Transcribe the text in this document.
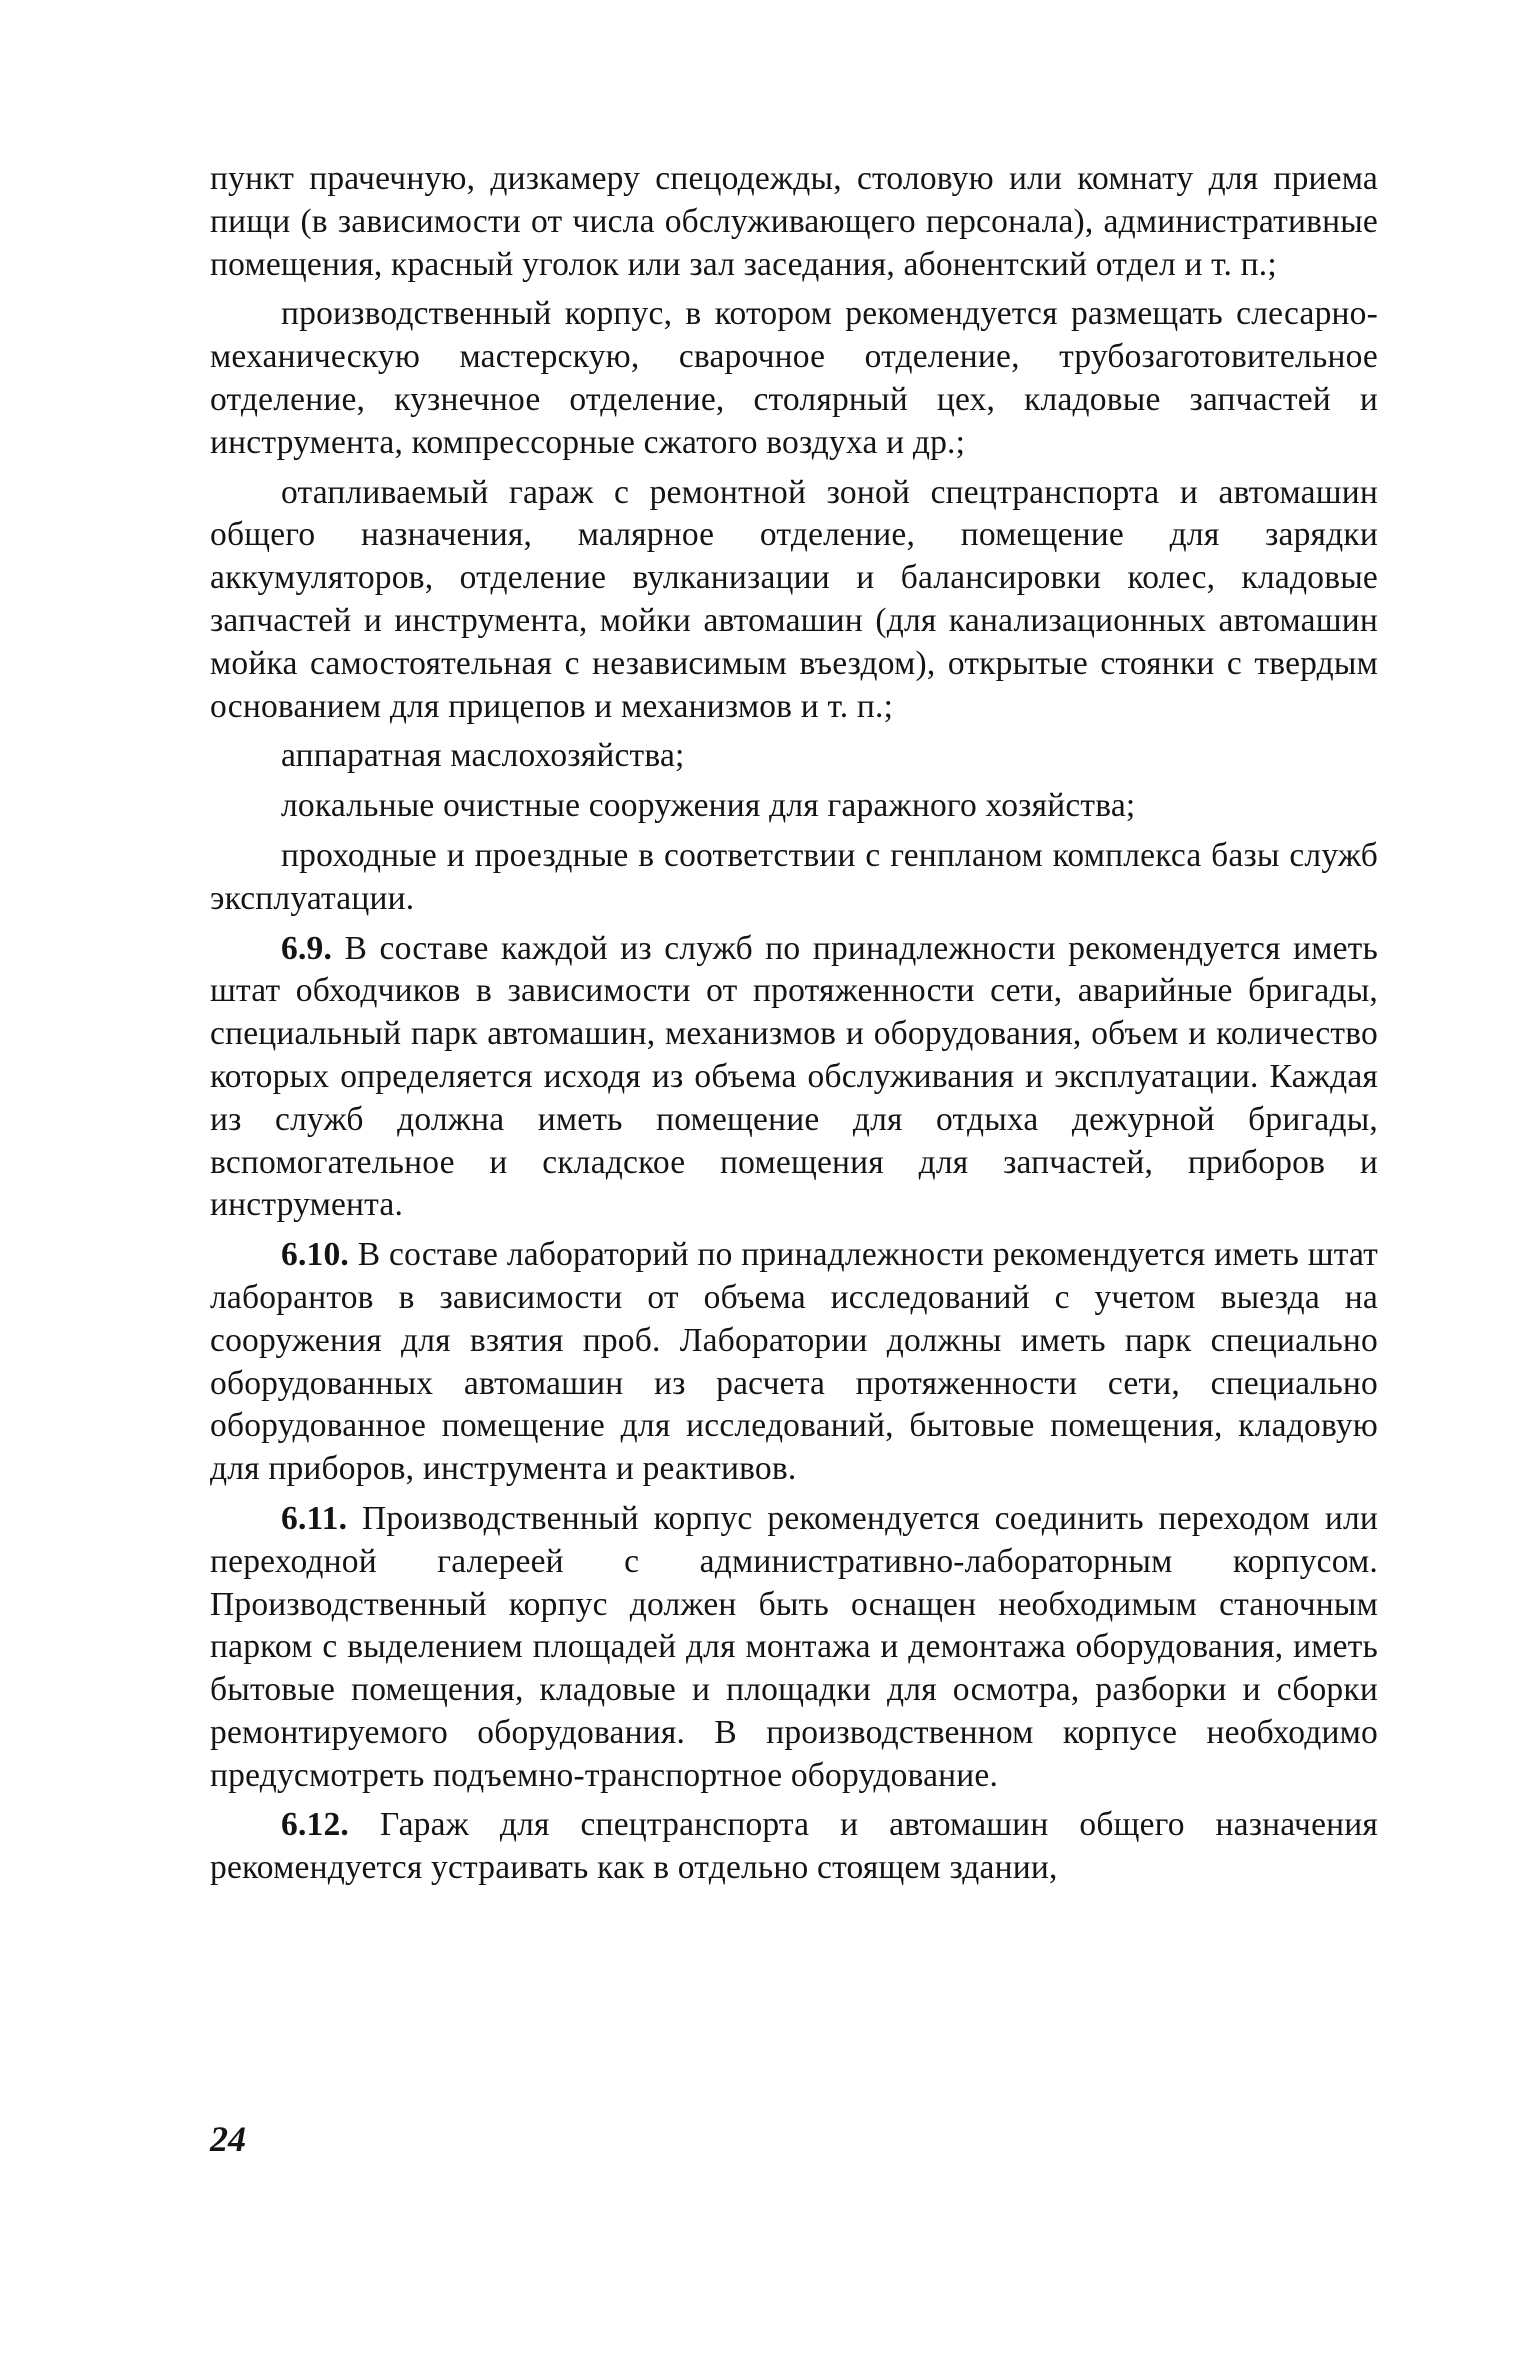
пункт прачечную, дизкамеру спецодежды, столовую или комнату для приема пищи (в зависимости от числа обслуживающего персонала), административные помещения, красный уголок или зал заседания, абонентский отдел и т. п.;

производственный корпус, в котором рекомендуется размещать слесарно-механическую мастерскую, сварочное отделение, трубозаготовительное отделение, кузнечное отделение, столярный цех, кладовые запчастей и инструмента, компрессорные сжатого воздуха и др.;

отапливаемый гараж с ремонтной зоной спецтранспорта и автомашин общего назначения, малярное отделение, помещение для зарядки аккумуляторов, отделение вулканизации и балансировки колес, кладовые запчастей и инструмента, мойки автомашин (для канализационных автомашин мойка самостоятельная с независимым въездом), открытые стоянки с твердым основанием для прицепов и механизмов и т. п.;

аппаратная маслохозяйства;

локальные очистные сооружения для гаражного хозяйства;

проходные и проездные в соответствии с генпланом комплекса базы служб эксплуатации.

6.9. В составе каждой из служб по принадлежности рекомендуется иметь штат обходчиков в зависимости от протяженности сети, аварийные бригады, специальный парк автомашин, механизмов и оборудования, объем и количество которых определяется исходя из объема обслуживания и эксплуатации. Каждая из служб должна иметь помещение для отдыха дежурной бригады, вспомогательное и складское помещения для запчастей, приборов и инструмента.

6.10. В составе лабораторий по принадлежности рекомендуется иметь штат лаборантов в зависимости от объема исследований с учетом выезда на сооружения для взятия проб. Лаборатории должны иметь парк специально оборудованных автомашин из расчета протяженности сети, специально оборудованное помещение для исследований, бытовые помещения, кладовую для приборов, инструмента и реактивов.

6.11. Производственный корпус рекомендуется соединить переходом или переходной галереей с административно-лабораторным корпусом. Производственный корпус должен быть оснащен необходимым станочным парком с выделением площадей для монтажа и демонтажа оборудования, иметь бытовые помещения, кладовые и площадки для осмотра, разборки и сборки ремонтируемого оборудования. В производственном корпусе необходимо предусмотреть подъемно-транспортное оборудование.

6.12. Гараж для спецтранспорта и автомашин общего назначения рекомендуется устраивать как в отдельно стоящем здании,

24
